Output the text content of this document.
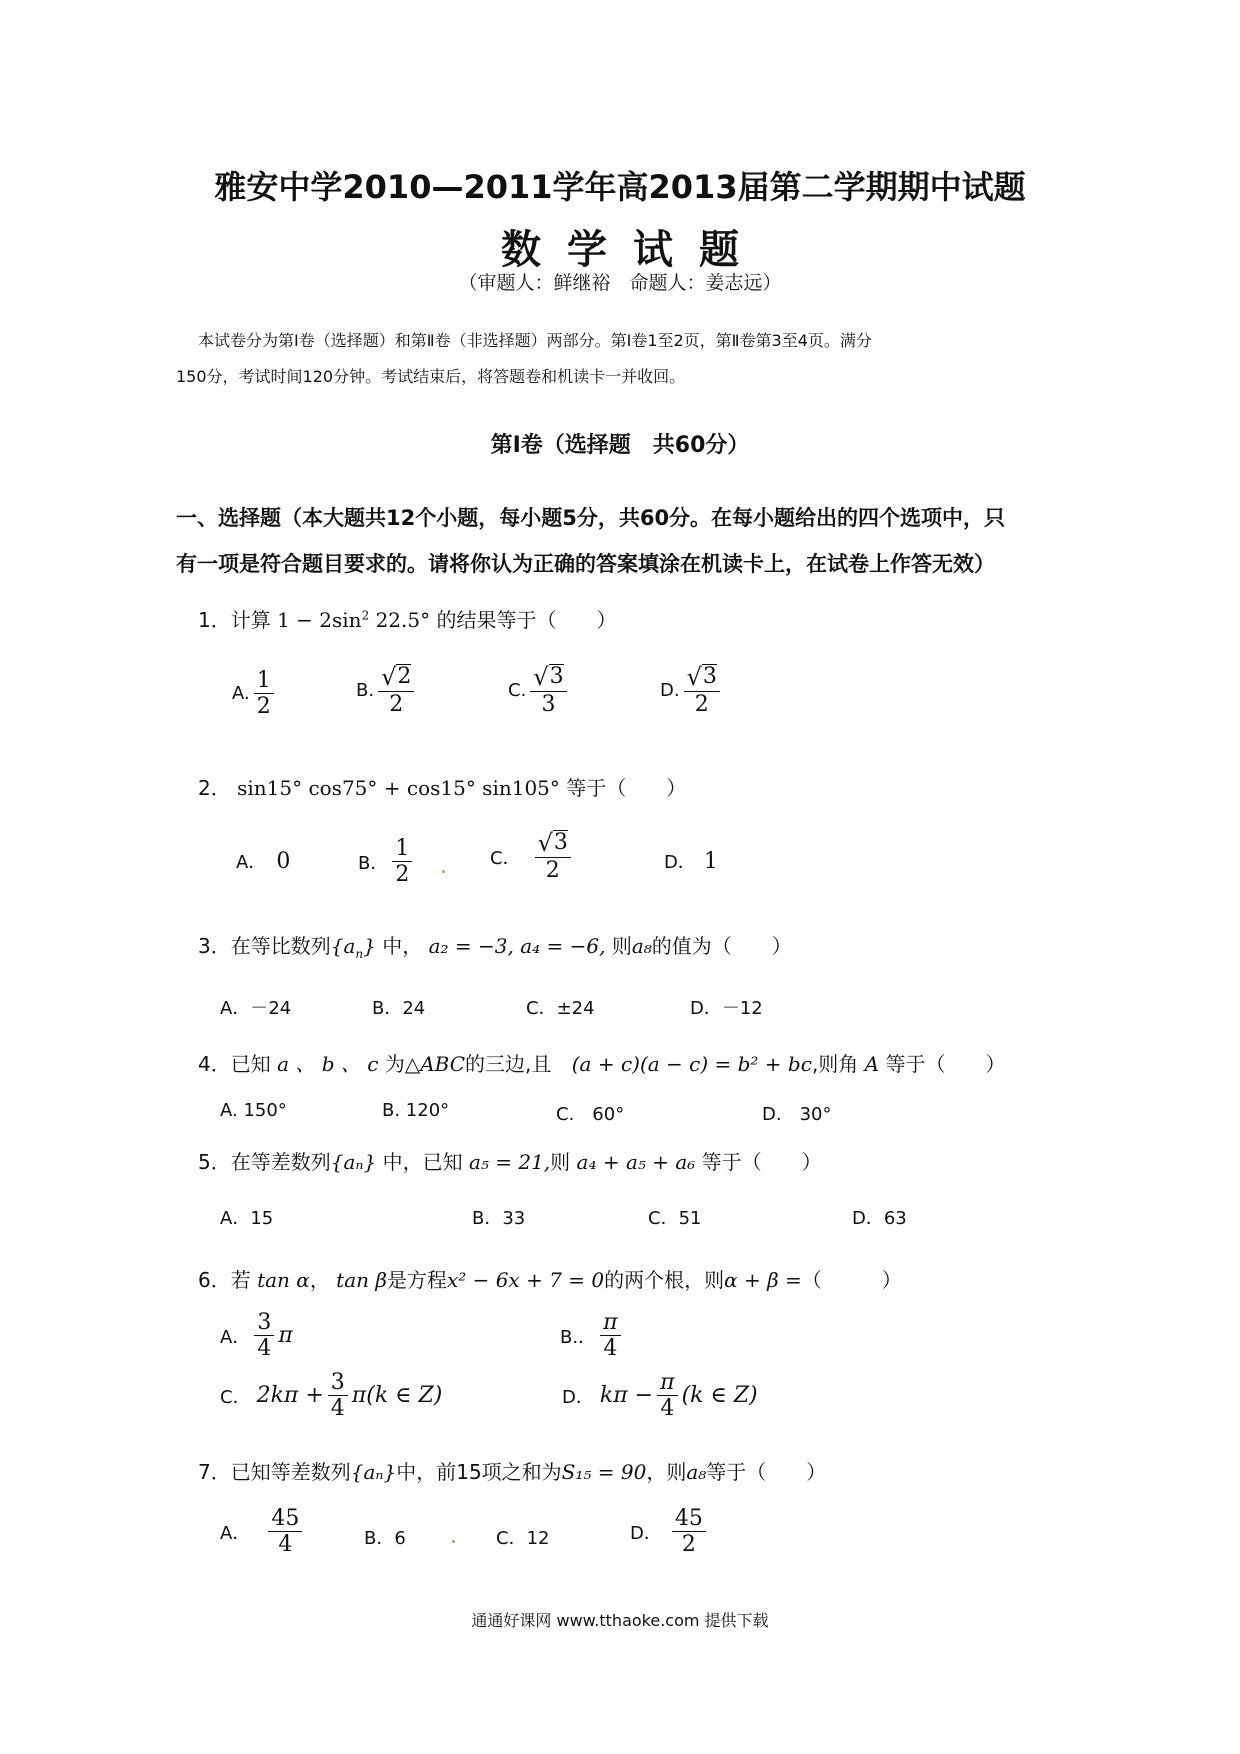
雅安中学2010—2011学年高2013届第二学期期中试题
数学试题
（审题人：鲜继裕　命题人：姜志远）
本试卷分为第Ⅰ卷（选择题）和第Ⅱ卷（非选择题）两部分。第Ⅰ卷1至2页，第Ⅱ卷第3至4页。满分
150分，考试时间120分钟。考试结束后，将答题卷和机读卡一并收回。
第Ⅰ卷（选择题　共60分）
一、选择题（本大题共12个小题，每小题5分，共60分。在每小题给出的四个选项中，只
有一项是符合题目要求的。请将你认为正确的答案填涂在机读卡上，在试卷上作答无效）
1．计算 $1 - 2\sin^2$ 22.5° 的结果等于（　　）
A. $\frac{1}{2}$	B. $\frac{√ 2}{2}$	C. $\frac{√ 3}{3}$	D. $\frac{√ 3}{2}$
2． sin15° cos75° + cos15° sin105° 等于（　　）
A． 0	B． $\frac{1}{2}$	C． $\frac{√ 3}{2}$	D． 1
3．在等比数列$\{a_n\}$ 中， a₂ = −3, a₄ = −6, 则a₈的值为（　　）
A．－24	B．24	C．±24	D．－12
4．已知 a 、 b 、 c 为△ABC的三边,且 (a + c)(a − c) = b² + bc,则角 A 等于（　　）
A. 150°	B. 120°	C.　60°	D.　30°
5．在等差数列{aₙ} 中，已知 a₅ = 21,则 a₄ + a₅ + a₆ 等于（　　）
A．15	B．33	C．51	D．63
6．若 tan α， tan β是方程x² − 6x + 7 = 0的两个根，则α + β =（　　　）
A． $\frac{3}{4}$ π	B.． $\frac{\pi}{4}$
C． $2k\pi + \frac{3}{4} \pi(k$ ∈ Z)	D． $k\pi - \frac{\pi}{4} (k$ ∈ Z)
7．已知等差数列{aₙ}中，前15项之和为S₁₅ = 90，则a₈等于（　　）
A． $\frac{45}{4}$	B．6	C．12	D． $\frac{45}{2}$
通通好课网 www.tthaoke.com 提供下载
